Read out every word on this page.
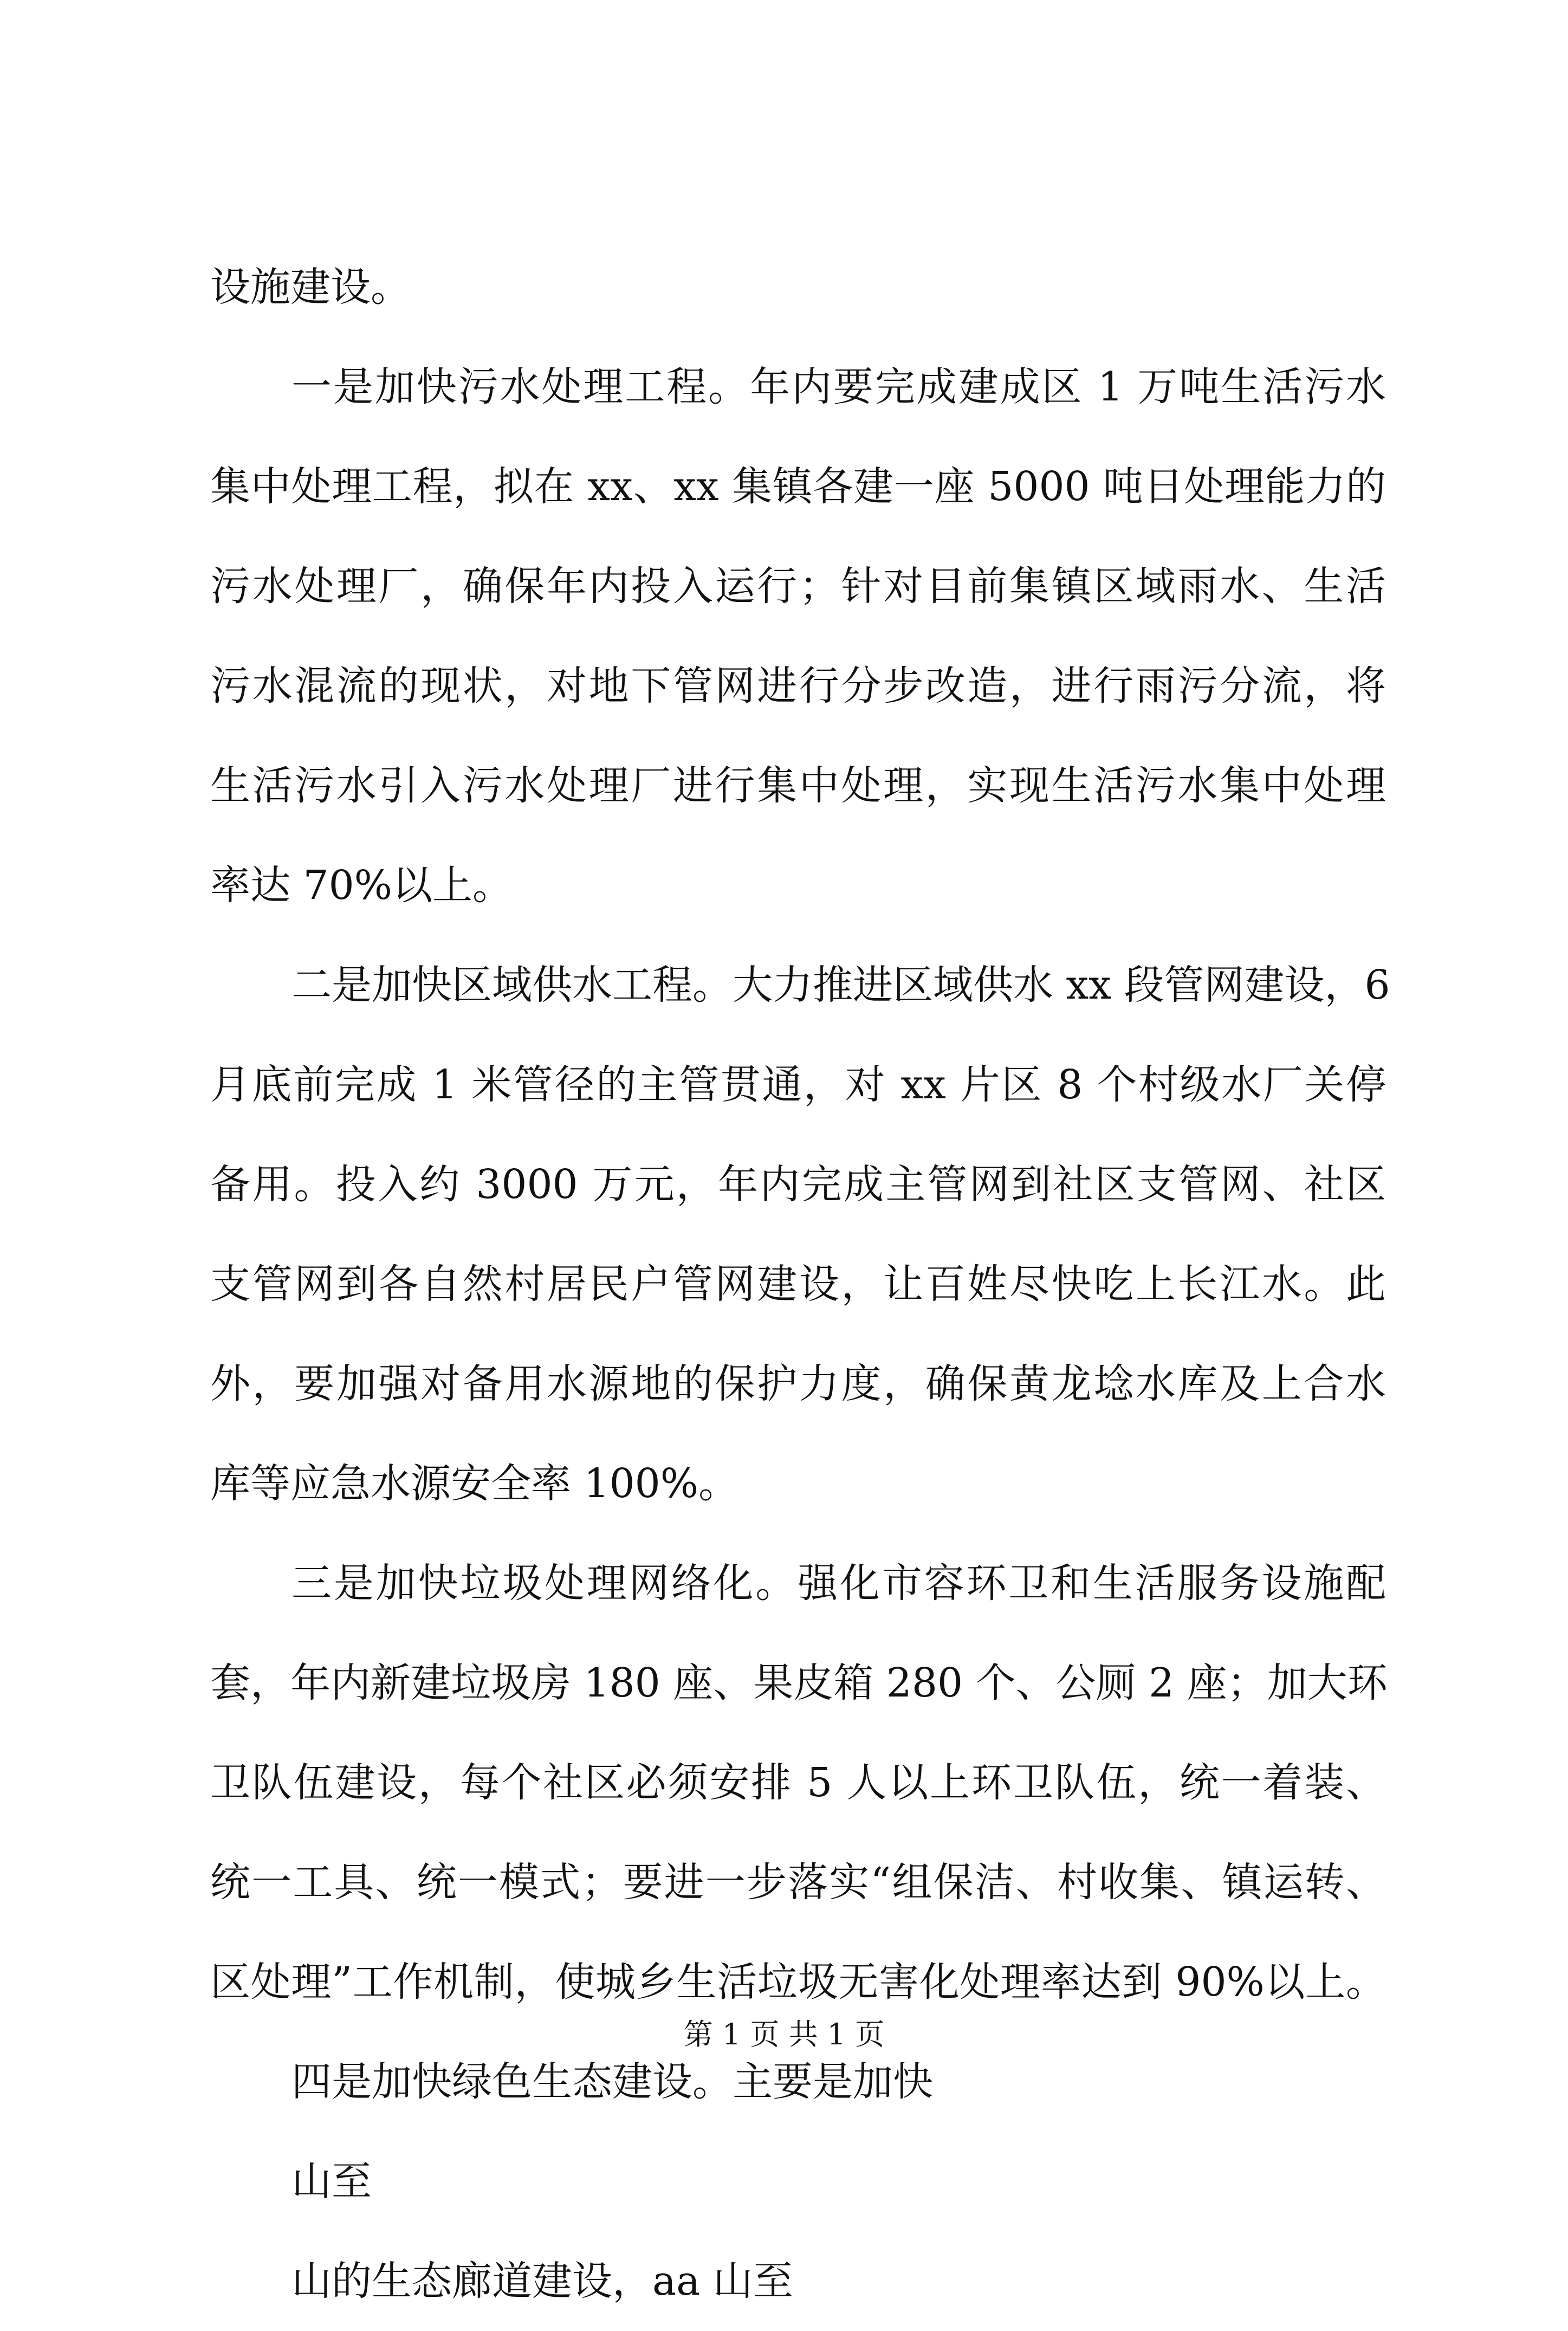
设施建设。
一是加快污水处理工程。年内要完成建成区 1 万吨生活污水
集中处理工程，拟在 xx、xx 集镇各建一座 5000 吨日处理能力的
污水处理厂，确保年内投入运行；针对目前集镇区域雨水、生活
污水混流的现状，对地下管网进行分步改造，进行雨污分流，将
生活污水引入污水处理厂进行集中处理，实现生活污水集中处理
率达 70%以上。
二是加快区域供水工程。大力推进区域供水 xx 段管网建设，6
月底前完成 1 米管径的主管贯通，对 xx 片区 8 个村级水厂关停
备用。投入约 3000 万元，年内完成主管网到社区支管网、社区
支管网到各自然村居民户管网建设，让百姓尽快吃上长江水。此
外，要加强对备用水源地的保护力度，确保黄龙埝水库及上合水
库等应急水源安全率 100%。
三是加快垃圾处理网络化。强化市容环卫和生活服务设施配
套，年内新建垃圾房 180 座、果皮箱 280 个、公厕 2 座；加大环
卫队伍建设，每个社区必须安排 5 人以上环卫队伍，统一着装、
统一工具、统一模式；要进一步落实“组保洁、村收集、镇运转、
区处理”工作机制，使城乡生活垃圾无害化处理率达到 90%以上。
四是加快绿色生态建设。主要是加快
山至
山的生态廊道建设，aa 山至
第 1 页 共 1 页
